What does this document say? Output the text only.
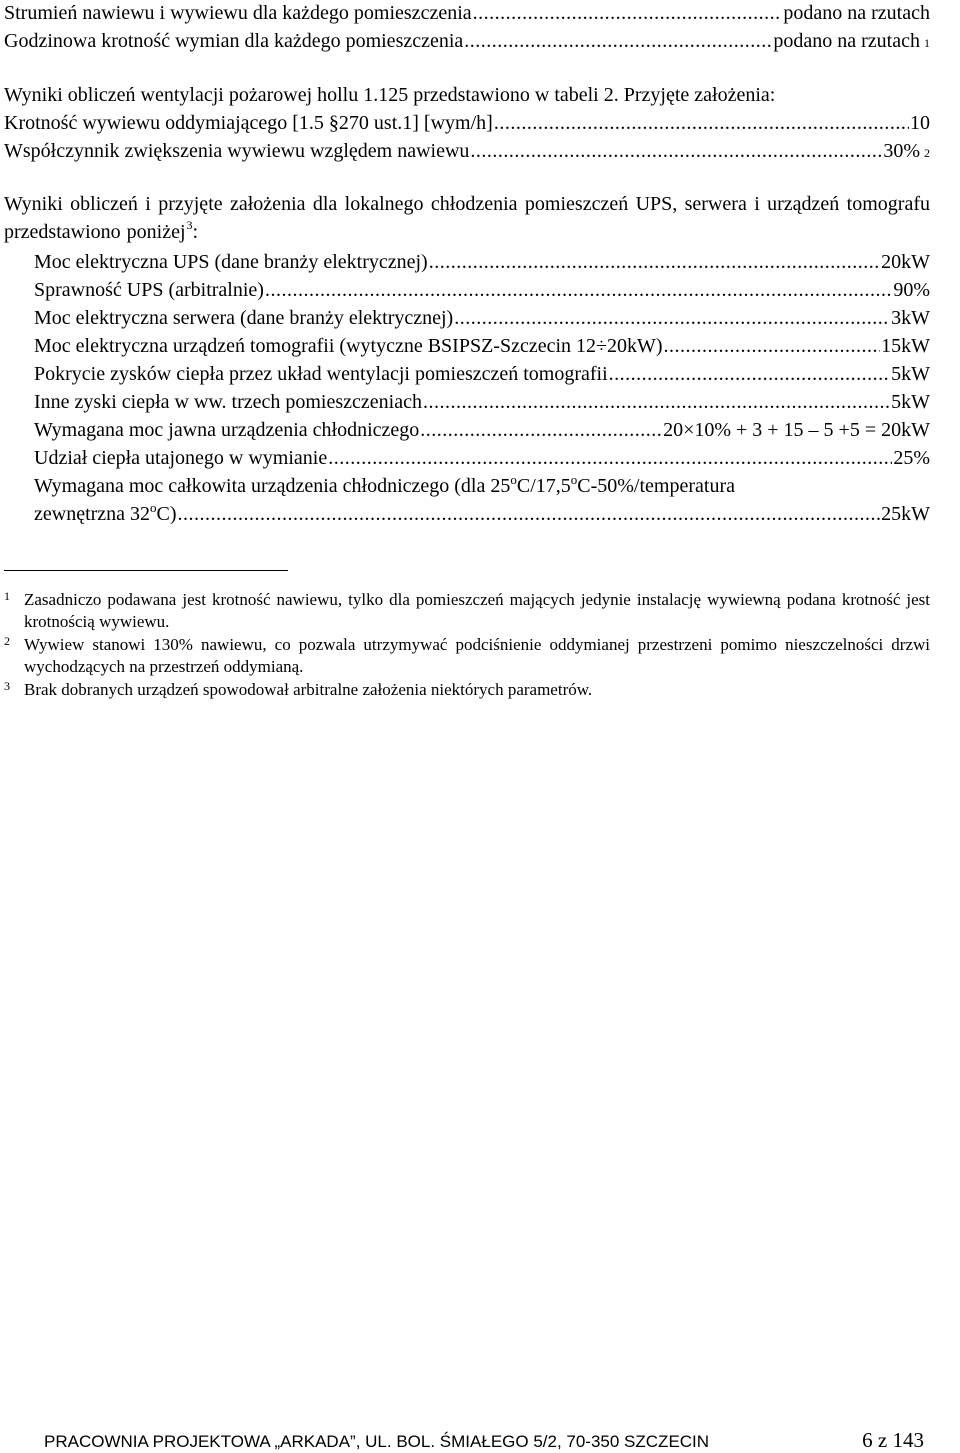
Strumień nawiewu i wywiewu dla każdego pomieszczenia .....	podano na rzutach
Godzinowa krotność wymian dla każdego pomieszczenia .....	podano na rzutach 1
Wyniki obliczeń wentylacji pożarowej hollu 1.125 przedstawiono w tabeli 2. Przyjęte założenia:
Krotność wywiewu oddymiającego [1.5 §270 ust.1] [wym/h] .....	10
Współczynnik zwiększenia wywiewu względem nawiewu .....	30% 2
Wyniki obliczeń i przyjęte założenia dla lokalnego chłodzenia pomieszczeń UPS, serwera i urządzeń tomografu przedstawiono poniżej$^3$:
Moc elektryczna UPS (dane branży elektrycznej) .....	20kW
Sprawność UPS (arbitralnie) .....	90%
Moc elektryczna serwera (dane branży elektrycznej) .....	3kW
Moc elektryczna urządzeń tomografii (wytyczne BSIPSZ-Szczecin 12÷20kW) .....	15kW
Pokrycie zysków ciepła przez układ wentylacji pomieszczeń tomografii .....	5kW
Inne zyski ciepła w ww. trzech pomieszczeniach .....	5kW
Wymagana moc jawna urządzenia chłodniczego .....	20×10% + 3 + 15 – 5 +5 = 20kW
Udział ciepła utajonego w wymianie .....	25%
Wymagana moc całkowita urządzenia chłodniczego (dla 25$^o$C/17,5$^o$C-50%/temperatura
zewnętrzna 32$^o$C) .....	25kW
1 Zasadniczo podawana jest krotność nawiewu, tylko dla pomieszczeń mających jedynie instalację wywiewną podana krotność jest krotnością wywiewu.
2 Wywiew stanowi 130% nawiewu, co pozwala utrzymywać podciśnienie oddymianej przestrzeni pomimo nieszczelności drzwi wychodzących na przestrzeń oddymianą.
3 Brak dobranych urządzeń spowodował arbitralne założenia niektórych parametrów.
PRACOWNIA PROJEKTOWA „ARKADA”, UL. BOL. ŚMIAŁEGO 5/2, 70-350 SZCZECIN	6 z 143
